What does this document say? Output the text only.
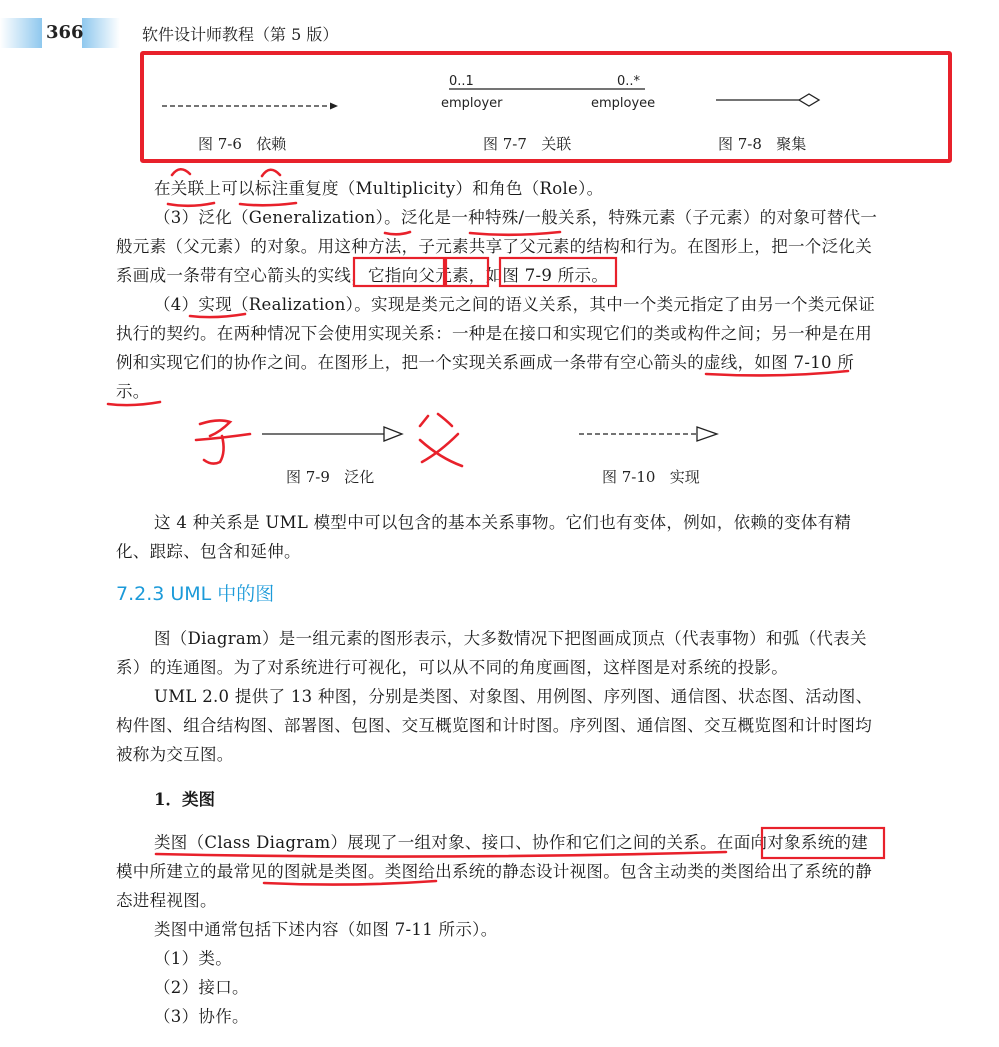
366	软件设计师教程（第 5 版）
图 7-6   依赖
0..1	0..*
employer	employee
图 7-7   关联	图 7-8   聚集

在关联上可以标注重复度（Multiplicity）和角色（Role）。

（3）泛化（Generalization）。泛化是一种特殊/一般关系，特殊元素（子元素）的对象可替代一般元素（父元素）的对象。用这种方法，子元素共享了父元素的结构和行为。在图形上，把一个泛化关系画成一条带有空心箭头的实线，它指向父元素，如图 7-9 所示。

（4）实现（Realization）。实现是类元之间的语义关系，其中一个类元指定了由另一个类元保证执行的契约。在两种情况下会使用实现关系：一种是在接口和实现它们的类或构件之间；另一种是在用例和实现它们的协作之间。在图形上，把一个实现关系画成一条带有空心箭头的虚线，如图 7-10 所示。

图 7-9   泛化	图 7-10   实现

这 4 种关系是 UML 模型中可以包含的基本关系事物。它们也有变体，例如，依赖的变体有精化、跟踪、包含和延伸。

7.2.3 UML 中的图

图（Diagram）是一组元素的图形表示，大多数情况下把图画成顶点（代表事物）和弧（代表关系）的连通图。为了对系统进行可视化，可以从不同的角度画图，这样图是对系统的投影。

UML 2.0 提供了 13 种图，分别是类图、对象图、用例图、序列图、通信图、状态图、活动图、构件图、组合结构图、部署图、包图、交互概览图和计时图。序列图、通信图、交互概览图和计时图均被称为交互图。

1．类图

类图（Class Diagram）展现了一组对象、接口、协作和它们之间的关系。在面向对象系统的建模中所建立的最常见的图就是类图。类图给出系统的静态设计视图。包含主动类的类图给出了系统的静态进程视图。

类图中通常包括下述内容（如图 7-11 所示）。

（1）类。

（2）接口。

（3）协作。
